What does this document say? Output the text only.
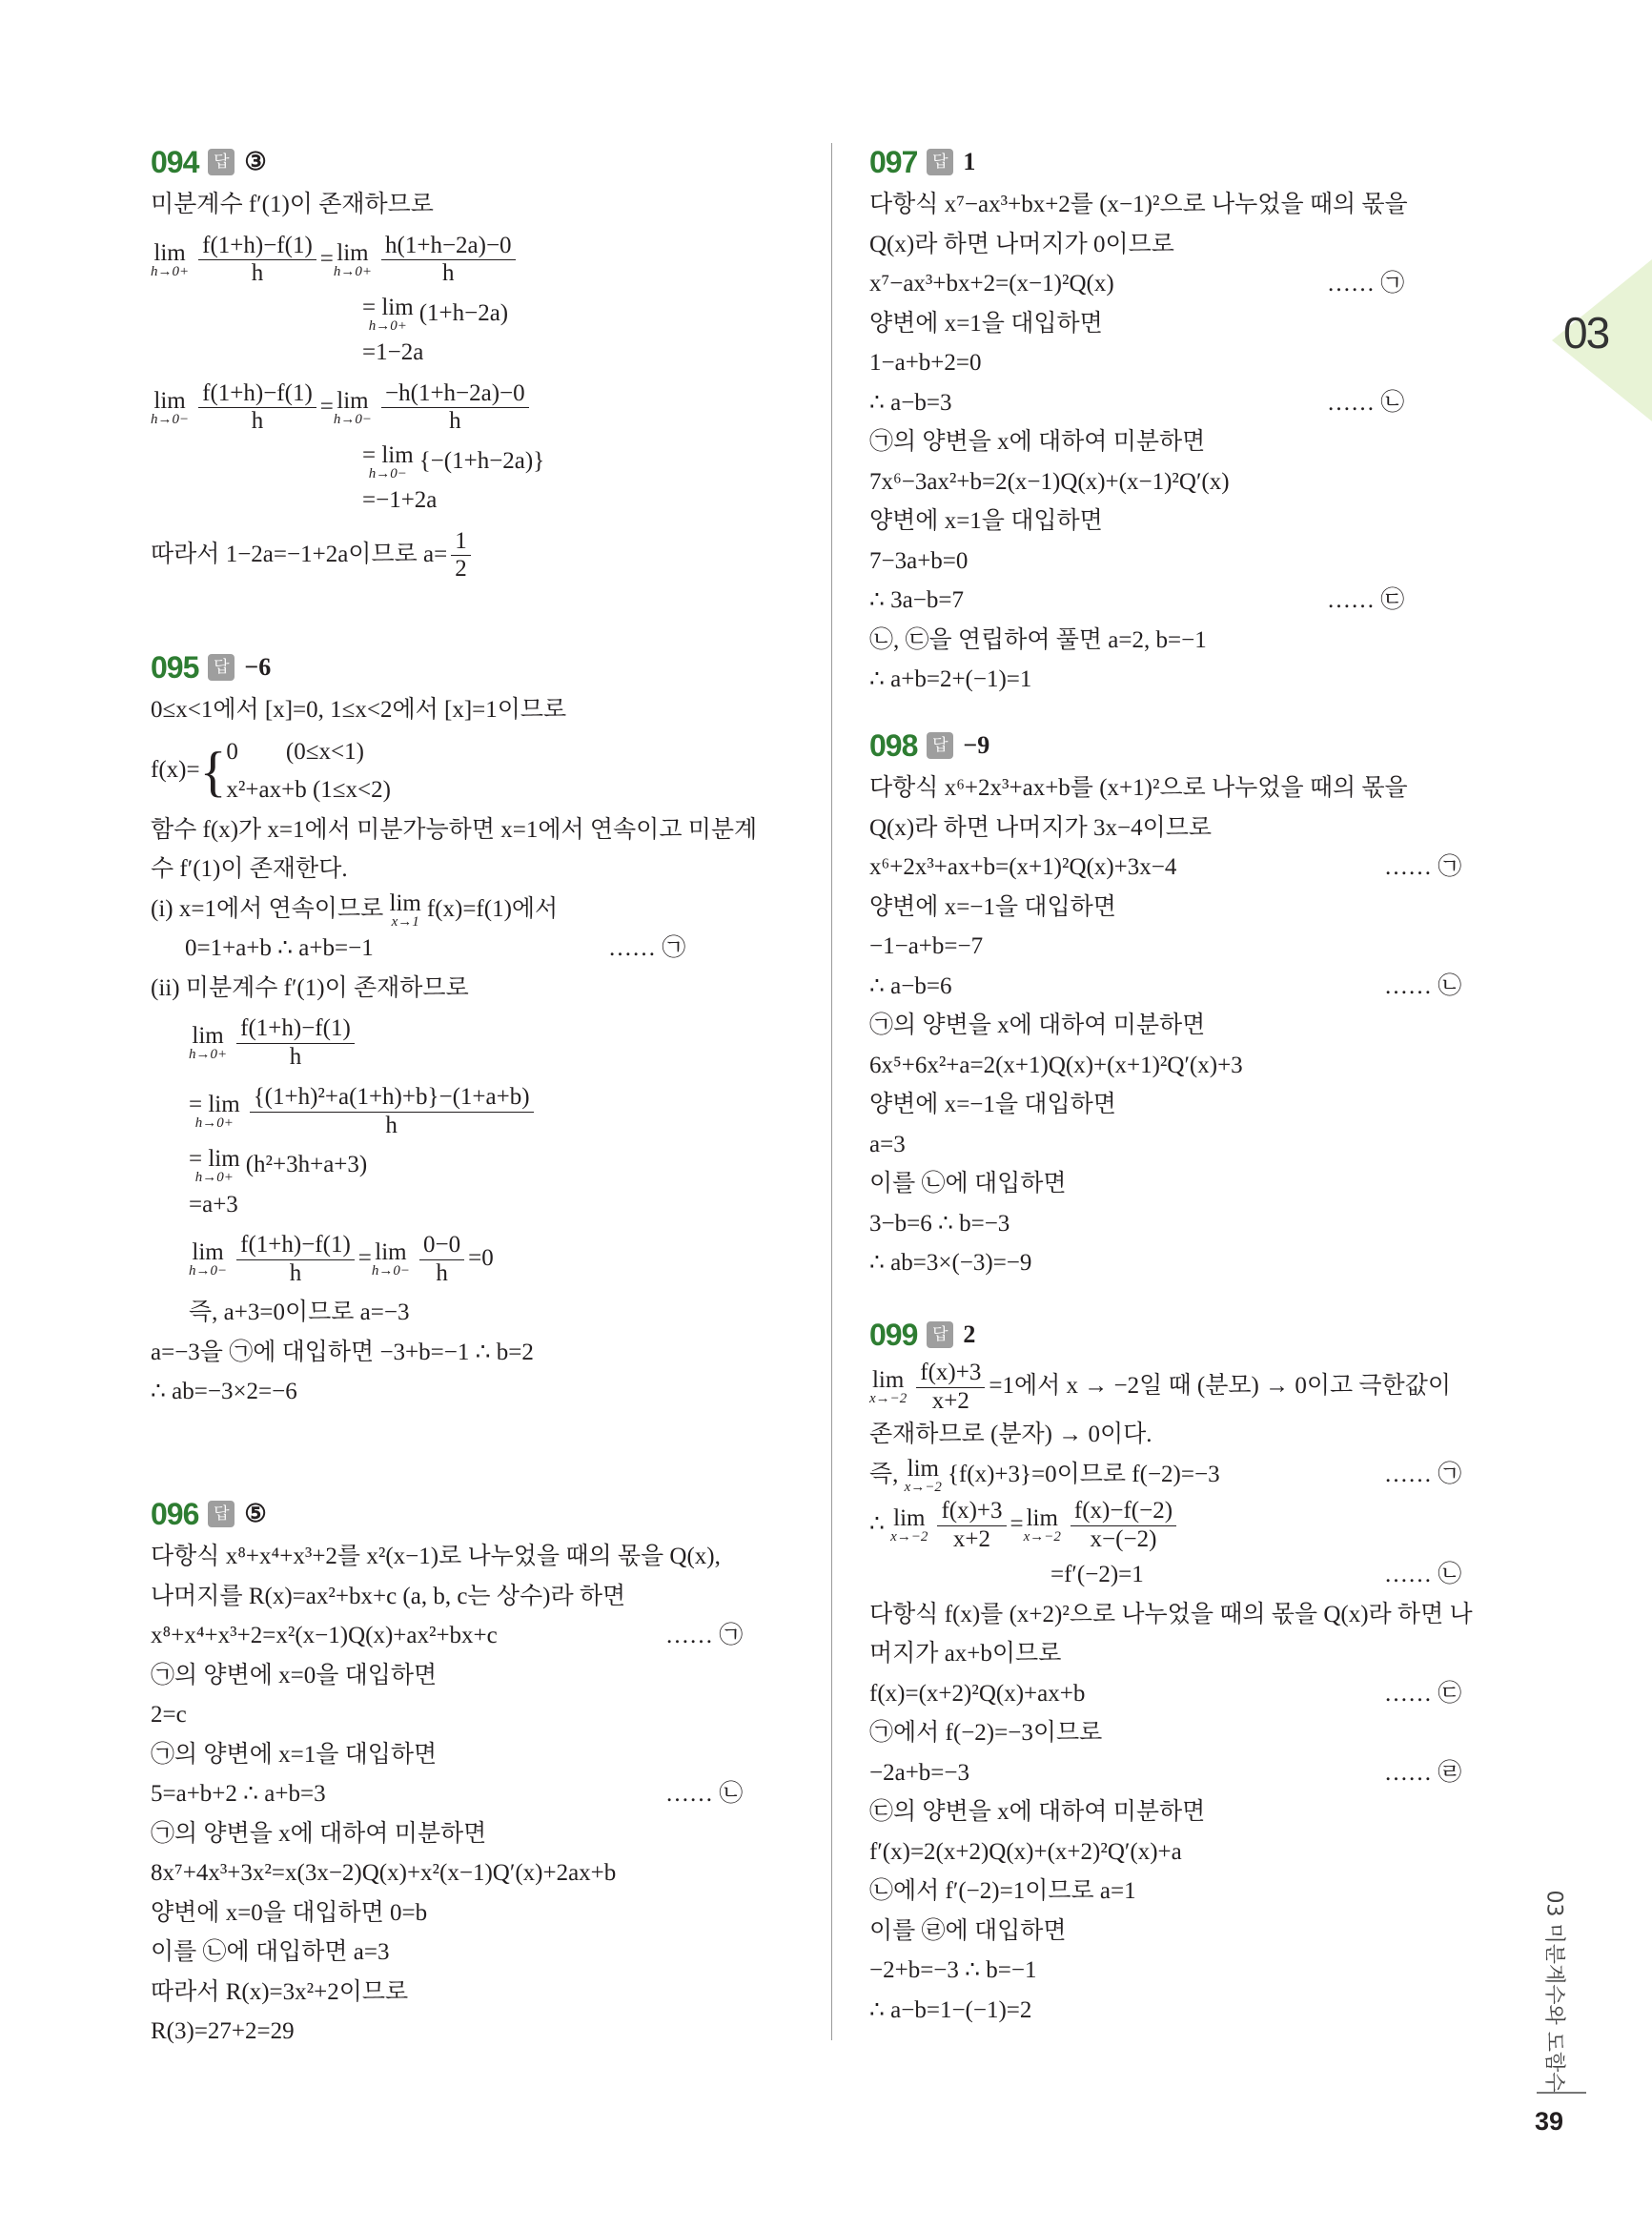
03
03 미분계수와 도함수
39
094 답 ③
미분계수 f′(1)이 존재하므로
lim
$h\to 0+ \frac{f(1+h)-f(1)}{h} = \lim$
$h\to 0+ \frac{h(1+h-2a)-0}{h}$
= lim
h→0+
(1+h−2a)
=1−2a
lim
$h\to 0- \frac{f(1+h)-f(1)}{h} = \lim$
$h\to 0- \frac{-h(1+h-2a)-0}{h}$
= lim
h→0−
{−(1+h−2a)}
=−1+2a
따라서 1−2a=−1+2a이므로 $a= \frac{1}{2}$
095 답 −6
0≤x<1에서 [x]=0, 1≤x<2에서 [x]=1이므로
f(x)={ 0        (0≤x<1)
x²+ax+b (1≤x<2)
함수 f(x)가 x=1에서 미분가능하면 x=1에서 연속이고 미분계
수 f′(1)이 존재한다.
(i) x=1에서 연속이므로 lim
x→1
f(x)=f(1)에서
0=1+a+b ∴ a+b=−1	…… ㉠
(ii) 미분계수 f′(1)이 존재하므로
lim
$h\to 0+ \frac{f(1+h)-f(1)}{h}$
= lim
$h\to 0+ \frac{\text{\{(1+h)²+a(1+h)+b\}−(1+a+b)}}{h}$
= lim
h→0+
(h²+3h+a+3)
=a+3
lim
$h\to 0- \frac{f(1+h)-f(1)}{h} = \lim$
$h\to 0- \frac{0-0}{h} =0$
즉, a+3=0이므로 a=−3
a=−3을 ㉠에 대입하면 −3+b=−1 ∴ b=2
∴ ab=−3×2=−6
096 답 ⑤
다항식 x⁸+x⁴+x³+2를 x²(x−1)로 나누었을 때의 몫을 Q(x),
나머지를 R(x)=ax²+bx+c (a, b, c는 상수)라 하면
x⁸+x⁴+x³+2=x²(x−1)Q(x)+ax²+bx+c	…… ㉠
㉠의 양변에 x=0을 대입하면
2=c
㉠의 양변에 x=1을 대입하면
5=a+b+2 ∴ a+b=3	…… ㉡
㉠의 양변을 x에 대하여 미분하면
8x⁷+4x³+3x²=x(3x−2)Q(x)+x²(x−1)Q′(x)+2ax+b
양변에 x=0을 대입하면 0=b
이를 ㉡에 대입하면 a=3
따라서 R(x)=3x²+2이므로
R(3)=27+2=29
097 답 1
다항식 x⁷−ax³+bx+2를 (x−1)²으로 나누었을 때의 몫을
Q(x)라 하면 나머지가 0이므로
x⁷−ax³+bx+2=(x−1)²Q(x)	…… ㉠
양변에 x=1을 대입하면
1−a+b+2=0
∴ a−b=3	…… ㉡
㉠의 양변을 x에 대하여 미분하면
7x⁶−3ax²+b=2(x−1)Q(x)+(x−1)²Q′(x)
양변에 x=1을 대입하면
7−3a+b=0
∴ 3a−b=7	…… ㉢
㉡, ㉢을 연립하여 풀면 a=2, b=−1
∴ a+b=2+(−1)=1
098 답 −9
다항식 x⁶+2x³+ax+b를 (x+1)²으로 나누었을 때의 몫을
Q(x)라 하면 나머지가 3x−4이므로
x⁶+2x³+ax+b=(x+1)²Q(x)+3x−4	…… ㉠
양변에 x=−1을 대입하면
−1−a+b=−7
∴ a−b=6	…… ㉡
㉠의 양변을 x에 대하여 미분하면
6x⁵+6x²+a=2(x+1)Q(x)+(x+1)²Q′(x)+3
양변에 x=−1을 대입하면
a=3
이를 ㉡에 대입하면
3−b=6 ∴ b=−3
∴ ab=3×(−3)=−9
099 답 2
lim
$x\to-2 \frac{f(x)+3}{x+2} =1$에서 x → −2일 때 (분모) → 0이고 극한값이
존재하므로 (분자) → 0이다.
즉, lim
x→−2
{f(x)+3}=0이므로 f(−2)=−3	…… ㉠
∴ lim
$x\to-2 \frac{f(x)+3}{x+2} = \lim$
$x\to-2 \frac{f(x)-f(-2)}{x-(-2)}$
=f′(−2)=1	…… ㉡
다항식 f(x)를 (x+2)²으로 나누었을 때의 몫을 Q(x)라 하면 나
머지가 ax+b이므로
f(x)=(x+2)²Q(x)+ax+b	…… ㉢
㉠에서 f(−2)=−3이므로
−2a+b=−3	…… ㉣
㉢의 양변을 x에 대하여 미분하면
f′(x)=2(x+2)Q(x)+(x+2)²Q′(x)+a
㉡에서 f′(−2)=1이므로 a=1
이를 ㉣에 대입하면
−2+b=−3 ∴ b=−1
∴ a−b=1−(−1)=2
